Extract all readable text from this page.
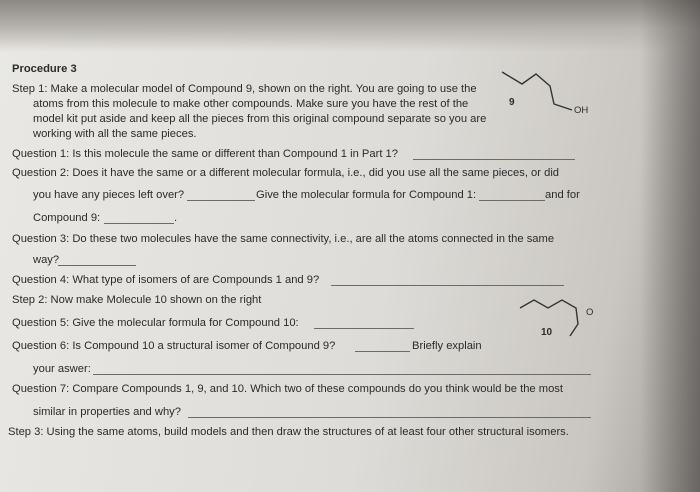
Procedure 3
Step 1: Make a molecular model of Compound 9, shown on the right. You are going to use the
atoms from this molecule to make other compounds. Make sure you have the rest of the
model kit put aside and keep all the pieces from this original compound separate so you are
working with all the same pieces.
Question 1: Is this molecule the same or different than Compound 1 in Part 1?
Question 2: Does it have the same or a different molecular formula, i.e., did you use all the same pieces, or did
you have any pieces left over?	Give the molecular formula for Compound 1:	and for
Compound 9:	.
Question 3: Do these two molecules have the same connectivity, i.e., are all the atoms connected in the same
way?
Question 4: What type of isomers of are Compounds 1 and 9?
Step 2: Now make Molecule 10 shown on the right
Question 5: Give the molecular formula for Compound 10:
Question 6: Is Compound 10 a structural isomer of Compound 9?	Briefly explain
your aswer:
Question 7: Compare Compounds 1, 9, and 10. Which two of these compounds do you think would be the most
similar in properties and why?
Step 3: Using the same atoms, build models and then draw the structures of at least four other structural isomers.
9
OH
10
O
